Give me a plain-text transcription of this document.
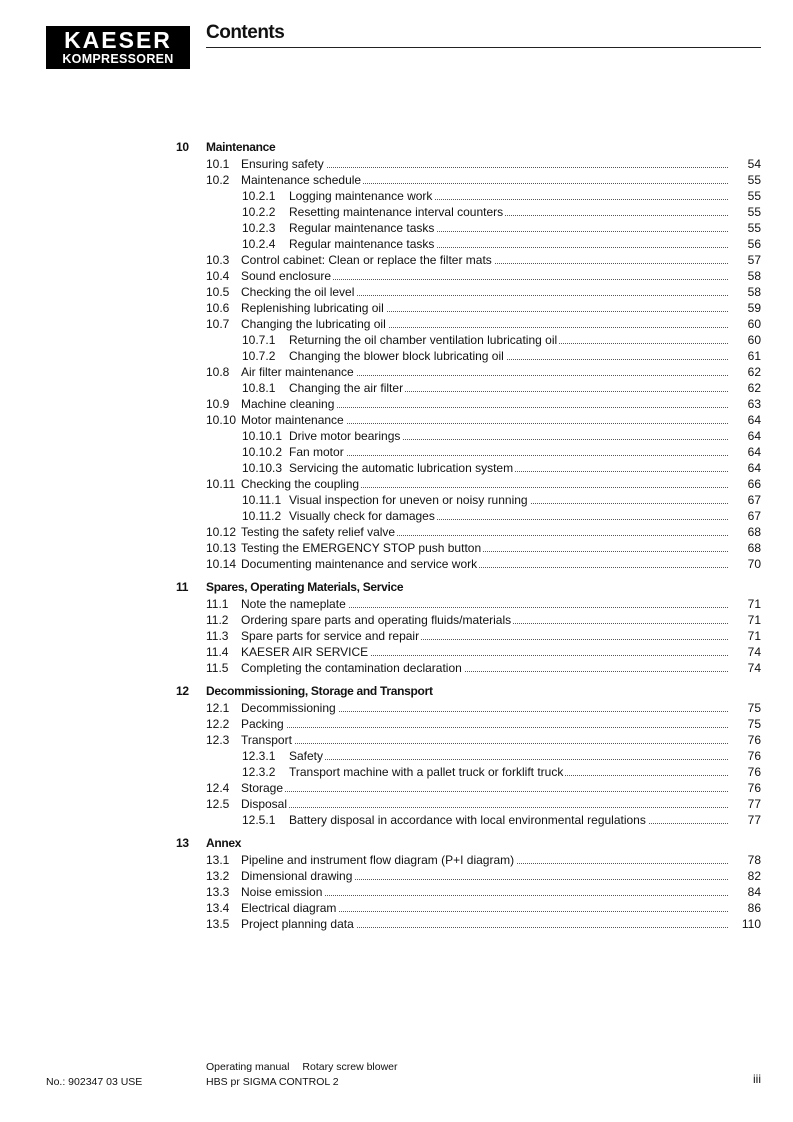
KAESER
KOMPRESSOREN
Contents
10 Maintenance
10.1 Ensuring safety	54
10.2 Maintenance schedule	55
10.2.1 Logging maintenance work	55
10.2.2 Resetting maintenance interval counters	55
10.2.3 Regular maintenance tasks	55
10.2.4 Regular maintenance tasks	56
10.3 Control cabinet: Clean or replace the filter mats	57
10.4 Sound enclosure	58
10.5 Checking the oil level	58
10.6 Replenishing lubricating oil	59
10.7 Changing the lubricating oil	60
10.7.1 Returning the oil chamber ventilation lubricating oil	60
10.7.2 Changing the blower block lubricating oil	61
10.8 Air filter maintenance	62
10.8.1 Changing the air filter	62
10.9 Machine cleaning	63
10.10 Motor maintenance	64
10.10.1 Drive motor bearings	64
10.10.2 Fan motor	64
10.10.3 Servicing the automatic lubrication system	64
10.11 Checking the coupling	66
10.11.1 Visual inspection for uneven or noisy running	67
10.11.2 Visually check for damages	67
10.12 Testing the safety relief valve	68
10.13 Testing the EMERGENCY STOP push button	68
10.14 Documenting maintenance and service work	70
11 Spares, Operating Materials, Service
11.1 Note the nameplate	71
11.2 Ordering spare parts and operating fluids/materials	71
11.3 Spare parts for service and repair	71
11.4 KAESER AIR SERVICE	74
11.5 Completing the contamination declaration	74
12 Decommissioning, Storage and Transport
12.1 Decommissioning	75
12.2 Packing	75
12.3 Transport	76
12.3.1 Safety	76
12.3.2 Transport machine with a pallet truck or forklift truck	76
12.4 Storage	76
12.5 Disposal	77
12.5.1 Battery disposal in accordance with local environmental regulations	77
13 Annex
13.1 Pipeline and instrument flow diagram (P+I diagram)	78
13.2 Dimensional drawing	82
13.3 Noise emission	84
13.4 Electrical diagram	86
13.5 Project planning data	110
No.: 902347 03 USE
Operating manual Rotary screw blower
HBS pr SIGMA CONTROL 2	iii
